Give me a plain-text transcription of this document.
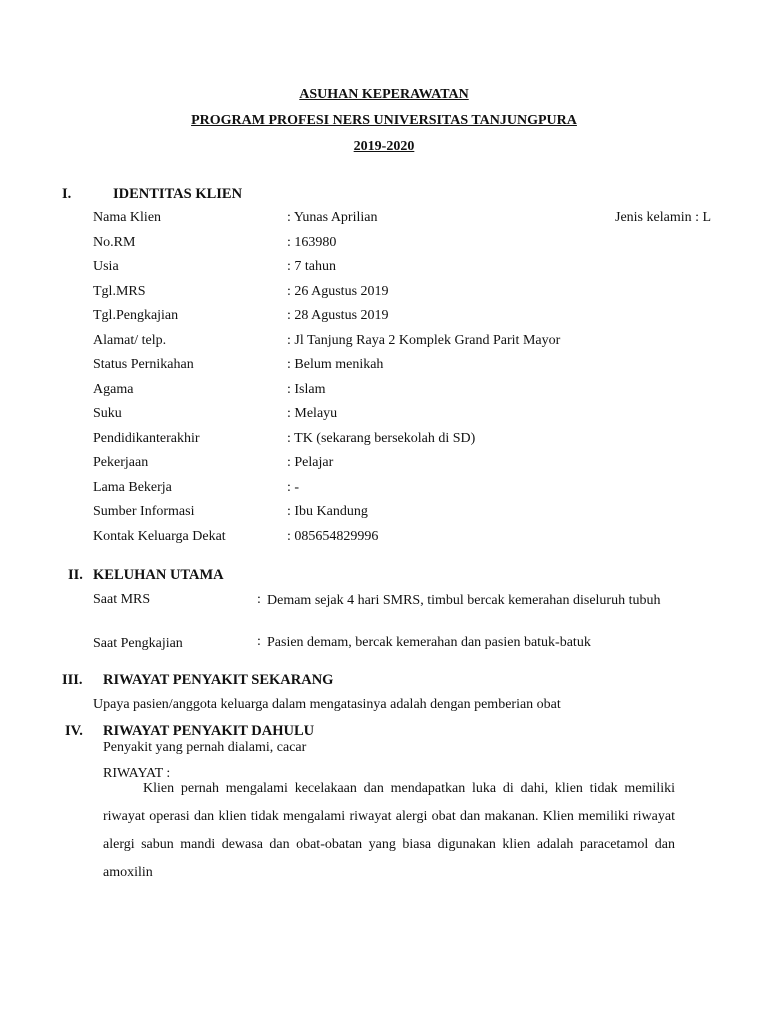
ASUHAN KEPERAWATAN
PROGRAM PROFESI NERS UNIVERSITAS TANJUNGPURA
2019-2020
I.	IDENTITAS KLIEN
Nama Klien	: Yunas Aprilian	Jenis kelamin : L
No.RM	: 163980
Usia	: 7 tahun
Tgl.MRS	: 26 Agustus 2019
Tgl.Pengkajian	: 28 Agustus 2019
Alamat/ telp.	: Jl Tanjung Raya 2 Komplek Grand Parit Mayor
Status Pernikahan	: Belum menikah
Agama	: Islam
Suku	: Melayu
Pendidikanterakhir	: TK (sekarang bersekolah di SD)
Pekerjaan	: Pelajar
Lama Bekerja	: -
Sumber Informasi	: Ibu Kandung
Kontak Keluarga Dekat	: 085654829996
II. KELUHAN UTAMA
Saat MRS	: Demam sejak 4 hari SMRS, timbul bercak kemerahan diseluruh tubuh
Saat Pengkajian	: Pasien demam, bercak kemerahan dan pasien batuk-batuk
III. RIWAYAT PENYAKIT SEKARANG
Upaya pasien/anggota keluarga dalam mengatasinya adalah dengan pemberian obat
IV. RIWAYAT PENYAKIT DAHULU
Penyakit yang pernah dialami, cacar
RIWAYAT :
Klien pernah mengalami kecelakaan dan mendapatkan luka di dahi, klien tidak memiliki riwayat operasi dan klien tidak mengalami riwayat alergi obat dan makanan. Klien memiliki riwayat alergi sabun mandi dewasa dan obat-obatan yang biasa digunakan klien adalah paracetamol dan amoxilin
